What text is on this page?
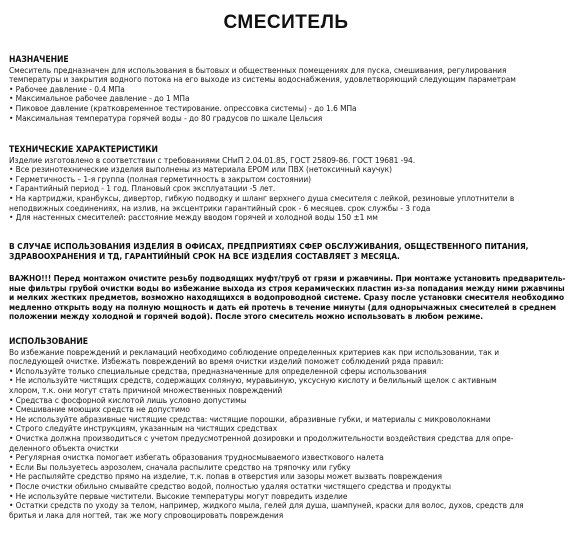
СМЕСИТЕЛЬ
НАЗНАЧЕНИЕ
Смеситель предназначен для использования в бытовых и общественных помещениях для пуска, смешивания, регулирования
температуры и закрытия водного потока на его выходе из системы водоснабжения, удовлетворяющий следующим параметрам
• Рабочее давление - 0.4 МПа
• Максимальное рабочее давление - до 1 МПа
• Пиковое давление (кратковременное тестирование. опрессовка системы) - до 1.6 МПа
• Максимальная температура горячей воды - до 80 градусов по шкале Цельсия
ТЕХНИЧЕСКИЕ ХАРАКТЕРИСТИКИ
Изделие изготовлено в соответствии с требованиями СНиП 2.04.01.85, ГОСТ 25809-86. ГОСТ 19681 -94.
• Все резинотехнические изделия выполнены из материала EPOM или ПВХ (нетоксичный каучук)
• Герметичность – 1-я группа (полная герметичность в закрытом состоянии)
• Гарантийный период - 1 год. Плановый срок эксплуатации -5 лет.
• На картриджи, кранбуксы, дивертор, гибкую подводку и шланг верхнего душа смесителя с лейкой, резиновые уплотнители в
неподвижных соединениях, на излив, на эксцентрики гарантийный срок - 6 месяцев. срок службы - 3 года
• Для настенных смесителей: расстояние между вводом горячей и холодной воды 150 ±1 мм
В СЛУЧАЕ ИСПОЛЬЗОВАНИЯ ИЗДЕЛИЯ В ОФИСАХ, ПРЕДПРИЯТИЯХ СФЕР ОБСЛУЖИВАНИЯ, ОБЩЕСТВЕННОГО ПИТАНИЯ,
ЗДРАВООХРАНЕНИЯ И ТД, ГАРАНТИЙНЫЙ СРОК НА ВСЕ ИЗДЕЛИЯ СОСТАВЛЯЕТ 3 МЕСЯЦА.
ВАЖНО!!! Перед монтажом очистите резьбу подводящих муфт/труб от грязи и ржавчины. При монтаже установить предваритель-
ные фильтры грубой очистки воды во избежание выхода из строя керамических пластин из-за попадания между ними ржавчины
и мелких жестких предметов, возможно находящихся в водопроводной системе. Сразу после установки смесителя необходимо
медленно открыть воду на полную мощность и дать ей протечь в течение минуты (для однорычажных смесителей в среднем
положении между холодной и горячей водой). После этого смеситель можно использовать в любом режиме.
ИСПОЛЬЗОВАНИЕ
Во избежание повреждений и рекламаций необходимо соблюдение определенных критериев как при использовании, так и
последующей очистке. Избежать повреждений во время очистки изделий поможет соблюдений ряда правил:
• Используйте только специальные средства, предназначенные для определенной сферы использования
• Не используйте чистящих средств, содержащих соляную, муравьиную, уксусную кислоту и белильный щелок с активным
хлором, т.к. они могут стать причиной множественных повреждений
• Средства с фосфорной кислотой лишь условно допустимы
• Смешивание моющих средств не допустимо
• Не используйте абразивные чистящие средства: чистящие порошки, абразивные губки, и материалы с микроволокнами
• Строго следуйте инструкциям, указанным на чистящих средствах
• Очистка должна производиться с учетом предусмотренной дозировки и продолжительности воздействия средства для опре-
деленного объекта очистки
• Регулярная очистка помогает избегать образования трудносмываемого известкового налета
• Если Вы пользуетесь аэрозолем, сначала распылите средство на тряпочку или губку
• Не распыляйте средство прямо на изделие, т.к. попав в отверстия или зазоры может вызвать повреждения
• После очистки обильно смывайте средство водой, полностью удаляя остатки чистящего средства и продукты
• Не используйте первые чистители. Высокие температуры могут повредить изделие
• Остатки средств по уходу за телом, например, жидкого мыла, гелей для душа, шампуней, краски для волос, духов, средств для
бритья и лака для ногтей, так же могу спровоцировать повреждения
